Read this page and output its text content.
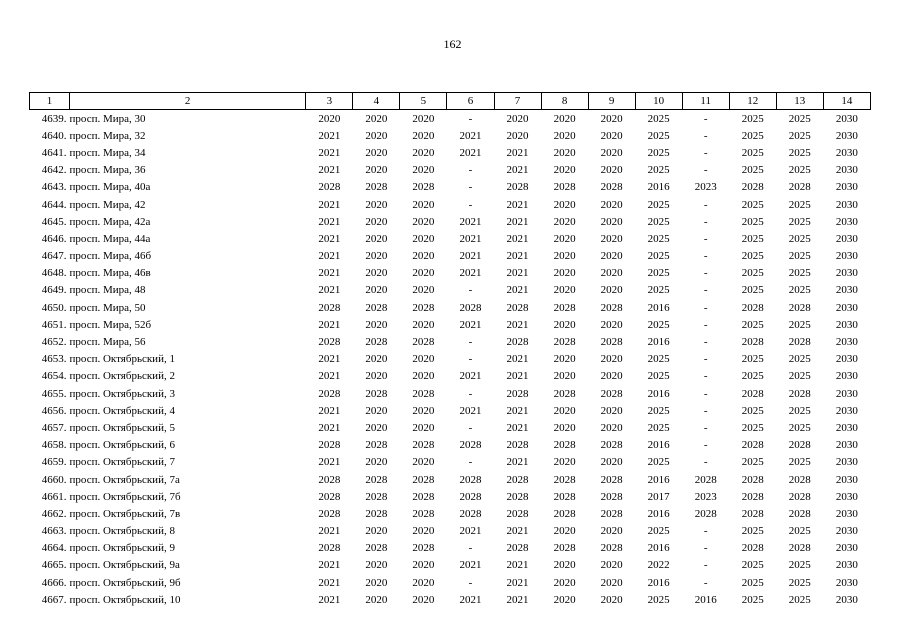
162
1	2	3	4	5	6	7	8	9	10	11	12	13	14
4639.	просп. Мира, 30	2020	2020	2020	-	2020	2020	2020	2025	-	2025	2025	2030
4640.	просп. Мира, 32	2021	2020	2020	2021	2020	2020	2020	2025	-	2025	2025	2030
4641.	просп. Мира, 34	2021	2020	2020	2021	2021	2020	2020	2025	-	2025	2025	2030
4642.	просп. Мира, 36	2021	2020	2020	-	2021	2020	2020	2025	-	2025	2025	2030
4643.	просп. Мира, 40а	2028	2028	2028	-	2028	2028	2028	2016	2023	2028	2028	2030
4644.	просп. Мира, 42	2021	2020	2020	-	2021	2020	2020	2025	-	2025	2025	2030
4645.	просп. Мира, 42а	2021	2020	2020	2021	2021	2020	2020	2025	-	2025	2025	2030
4646.	просп. Мира, 44а	2021	2020	2020	2021	2021	2020	2020	2025	-	2025	2025	2030
4647.	просп. Мира, 46б	2021	2020	2020	2021	2021	2020	2020	2025	-	2025	2025	2030
4648.	просп. Мира, 46в	2021	2020	2020	2021	2021	2020	2020	2025	-	2025	2025	2030
4649.	просп. Мира, 48	2021	2020	2020	-	2021	2020	2020	2025	-	2025	2025	2030
4650.	просп. Мира, 50	2028	2028	2028	2028	2028	2028	2028	2016	-	2028	2028	2030
4651.	просп. Мира, 52б	2021	2020	2020	2021	2021	2020	2020	2025	-	2025	2025	2030
4652.	просп. Мира, 56	2028	2028	2028	-	2028	2028	2028	2016	-	2028	2028	2030
4653.	просп. Октябрьский, 1	2021	2020	2020	-	2021	2020	2020	2025	-	2025	2025	2030
4654.	просп. Октябрьский, 2	2021	2020	2020	2021	2021	2020	2020	2025	-	2025	2025	2030
4655.	просп. Октябрьский, 3	2028	2028	2028	-	2028	2028	2028	2016	-	2028	2028	2030
4656.	просп. Октябрьский, 4	2021	2020	2020	2021	2021	2020	2020	2025	-	2025	2025	2030
4657.	просп. Октябрьский, 5	2021	2020	2020	-	2021	2020	2020	2025	-	2025	2025	2030
4658.	просп. Октябрьский, 6	2028	2028	2028	2028	2028	2028	2028	2016	-	2028	2028	2030
4659.	просп. Октябрьский, 7	2021	2020	2020	-	2021	2020	2020	2025	-	2025	2025	2030
4660.	просп. Октябрьский, 7а	2028	2028	2028	2028	2028	2028	2028	2016	2028	2028	2028	2030
4661.	просп. Октябрьский, 7б	2028	2028	2028	2028	2028	2028	2028	2017	2023	2028	2028	2030
4662.	просп. Октябрьский, 7в	2028	2028	2028	2028	2028	2028	2028	2016	2028	2028	2028	2030
4663.	просп. Октябрьский, 8	2021	2020	2020	2021	2021	2020	2020	2025	-	2025	2025	2030
4664.	просп. Октябрьский, 9	2028	2028	2028	-	2028	2028	2028	2016	-	2028	2028	2030
4665.	просп. Октябрьский, 9а	2021	2020	2020	2021	2021	2020	2020	2022	-	2025	2025	2030
4666.	просп. Октябрьский, 9б	2021	2020	2020	-	2021	2020	2020	2016	-	2025	2025	2030
4667.	просп. Октябрьский, 10	2021	2020	2020	2021	2021	2020	2020	2025	2016	2025	2025	2030
